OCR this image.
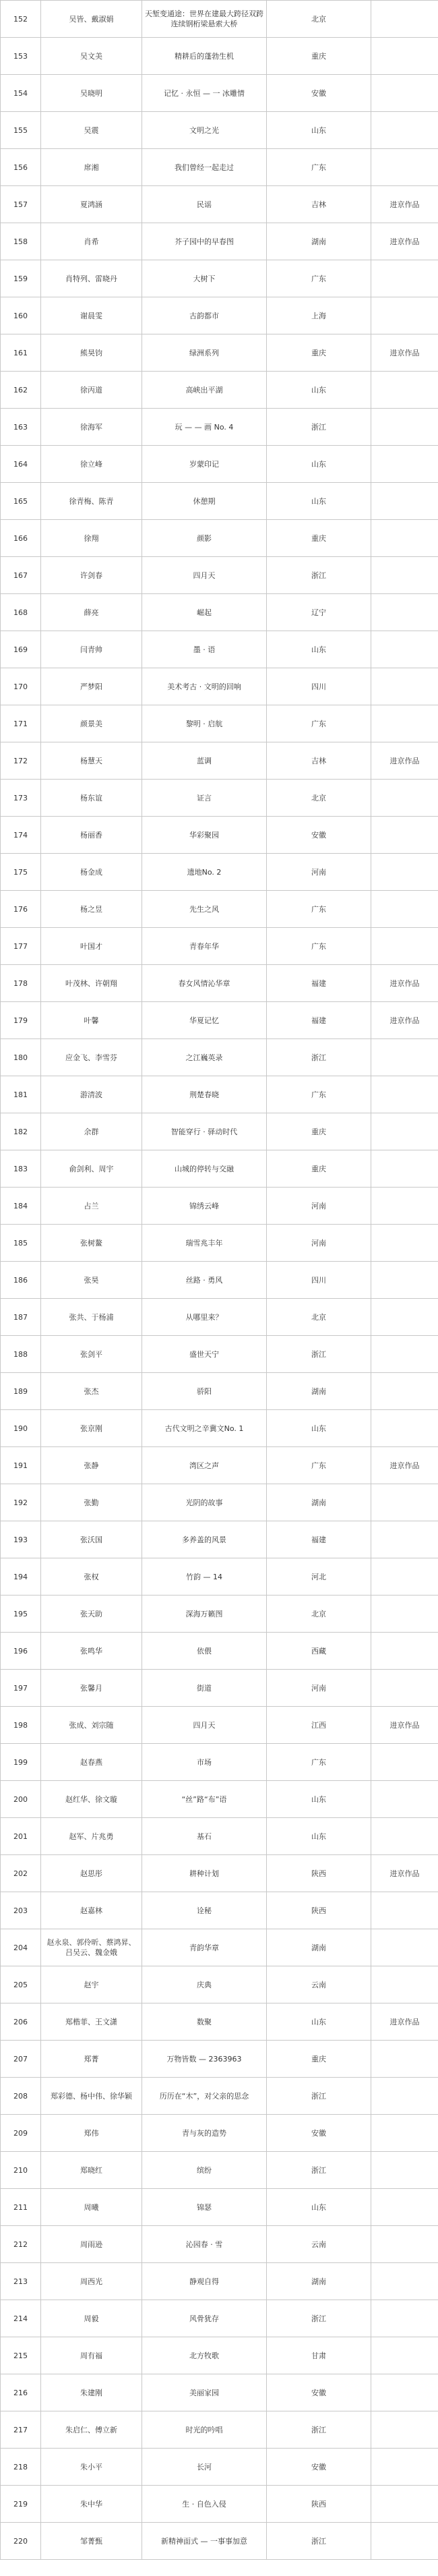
152	吴皆、戴淑娟	天堑变通途：世界在建最大跨径双跨连续钢桁梁悬索大桥	北京	
153	吴文美	精耕后的蓬勃生机	重庆	
154	吴晓明	记忆 · 永恒 — 一 冰雕情	安徽	
155	吴震	文明之光	山东	
156	席湘	我们曾经一起走过	广东	
157	夏鸿涵	民谣	吉林	进京作品
158	肖希	芥子园中的早春图	湖南	进京作品
159	肖特列、雷晓丹	大树下	广东	
160	谢晨雯	古韵都市	上海	
161	熊昊钧	绿洲系列	重庆	进京作品
162	徐丙道	高峡出平湖	山东	
163	徐海军	玩 — — 画 No. 4	浙江	
164	徐立峰	岁蒙印记	山东	
165	徐青梅、陈青	休憩期	山东	
166	徐翔	颜影	重庆	
167	许剑春	四月天	浙江	
168	薛亮	崛起	辽宁	
169	闫青帅	墨 · 语	山东	
170	严梦阳	美术考古 · 文明的回响	四川	
171	颜景美	黎明 · 启航	广东	
172	杨慧天	蓝调	吉林	进京作品
173	杨东谊	证言	北京	
174	杨丽香	华彩聚园	安徽	
175	杨金成	遗地No. 2	河南	
176	杨之昱	先生之风	广东	
177	叶国才	青春年华	广东	
178	叶茂林、许朝翔	春女风情沁华章	福建	进京作品
179	叶馨	华夏记忆	福建	进京作品
180	应金飞、李雪芬	之江巍英录	浙江	
181	游清波	荆楚春晓	广东	
182	余群	智能穿行 · 驿动时代	重庆	
183	俞剑利、周宇	山城的停转与交融	重庆	
184	占兰	锦绣云峰	河南	
185	张树鳌	瑞雪兆丰年	河南	
186	张昊	丝路 · 勇风	四川	
187	张共、于杨浦	从哪里来？	北京	
188	张剑平	盛世天宁	浙江	
189	张杰	骄阳	湖南	
190	张京刚	古代文明之辛冀文No. 1	山东	
191	张静	湾区之声	广东	进京作品
192	张勤	光阴的故事	湖南	
193	张沃国	多养盖的风景	福建	
194	张权	竹韵 — 14	河北	
195	张天助	深海万籁图	北京	
196	张鸣华	依偎	西藏	
197	张馨月	街道	河南	
198	张成、刘宗随	四月天	江西	进京作品
199	赵春燕	市场	广东	
200	赵红华、徐文璇	“丝”路“布”语	山东	
201	赵军、片兆勇	基石	山东	
202	赵思彤	耕种计划	陕西	进京作品
203	赵嘉林	诠秘	陕西	
204	赵永泉、郭伶昕、蔡鸿昇、吕吴云、魏金娥	青韵华章	湖南	
205	赵宇	庆典	云南	
206	郑楷菲、王文潇	数聚	山东	进京作品
207	郑菁	万物皆数 — 2363963	重庆	
208	郑彩德、杨中伟、徐华颖	历历在“木”，对父亲的思念	浙江	
209	郑伟	青与灰的造势	安徽	
210	郑晓红	缤纷	浙江	
211	周曦	锦瑟	山东	
212	周雨逊	沁园春 · 雪	云南	
213	周西光	静观自得	湖南	
214	周毅	风骨犹存	浙江	
215	周有福	北方牧歌	甘肃	
216	朱建刚	美丽家园	安徽	
217	朱启仁、傅立新	时光的吟唱	浙江	
218	朱小平	长河	安徽	
219	朱中华	生 · 自色入侵	陕西	
220	邹菁甄	新精神面式 — 一事事加意	浙江	
